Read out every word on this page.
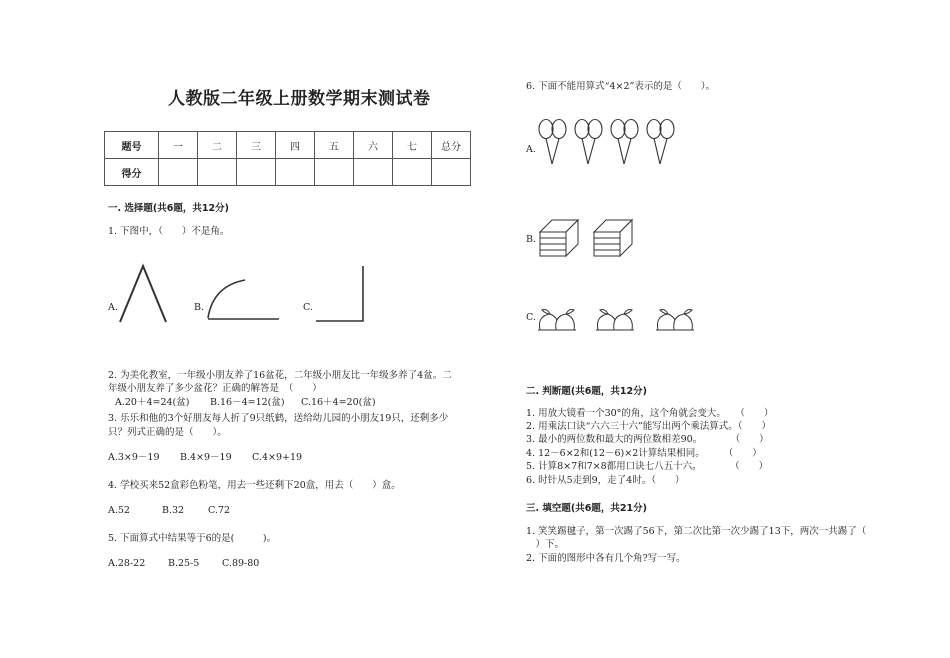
人教版二年级上册数学期末测试卷
题号	一	二	三	四	五	六	七	总分
得分								
一. 选择题(共6题，共12分)
1. 下图中，（　　）不是角。
A.	B.	C.
2. 为美化教室，一年级小朋友养了16盆花，二年级小朋友比一年级多养了4盆。二
年级小朋友养了多少盆花？正确的解答是　（　　）
A.20＋4=24(盆) B.16－4=12(盆) C.16＋4=20(盆)
3. 乐乐和他的3个好朋友每人折了9只纸鹤，送给幼儿园的小朋友19只，还剩多少
只？列式正确的是（　　）。
A.3×9－19 B.4×9－19 C.4×9+19
4. 学校买来52盒彩色粉笔，用去一些还剩下20盒，用去（　　）盒。
A.52	B.32	C.72
5. 下面算式中结果等于6的是(　　　)。
A.28-22 B.25-5 C.89-80
6. 下面不能用算式“4×2”表示的是（　　）。
A.
B.
C.
二. 判断题(共6题，共12分)
1. 用放大镜看一个30°的角，这个角就会变大。　　（　　）
2. 用乘法口诀“六六三十六”能写出两个乘法算式。（　　）
3. 最小的两位数和最大的两位数相差90。　　　　（　　）
4. 12－6×2和(12－6)×2计算结果相同。　　　（　　）
5. 计算8×7和7×8都用口诀七八五十六。　　　　（　　）
6. 时针从5走到9，走了4时。（　　）
三. 填空题(共6题，共21分)
1. 笑笑踢毽子，第一次踢了56下，第二次比第一次少踢了13下，两次一共踢了（
　）下。
2. 下面的图形中各有几个角?写一写。
